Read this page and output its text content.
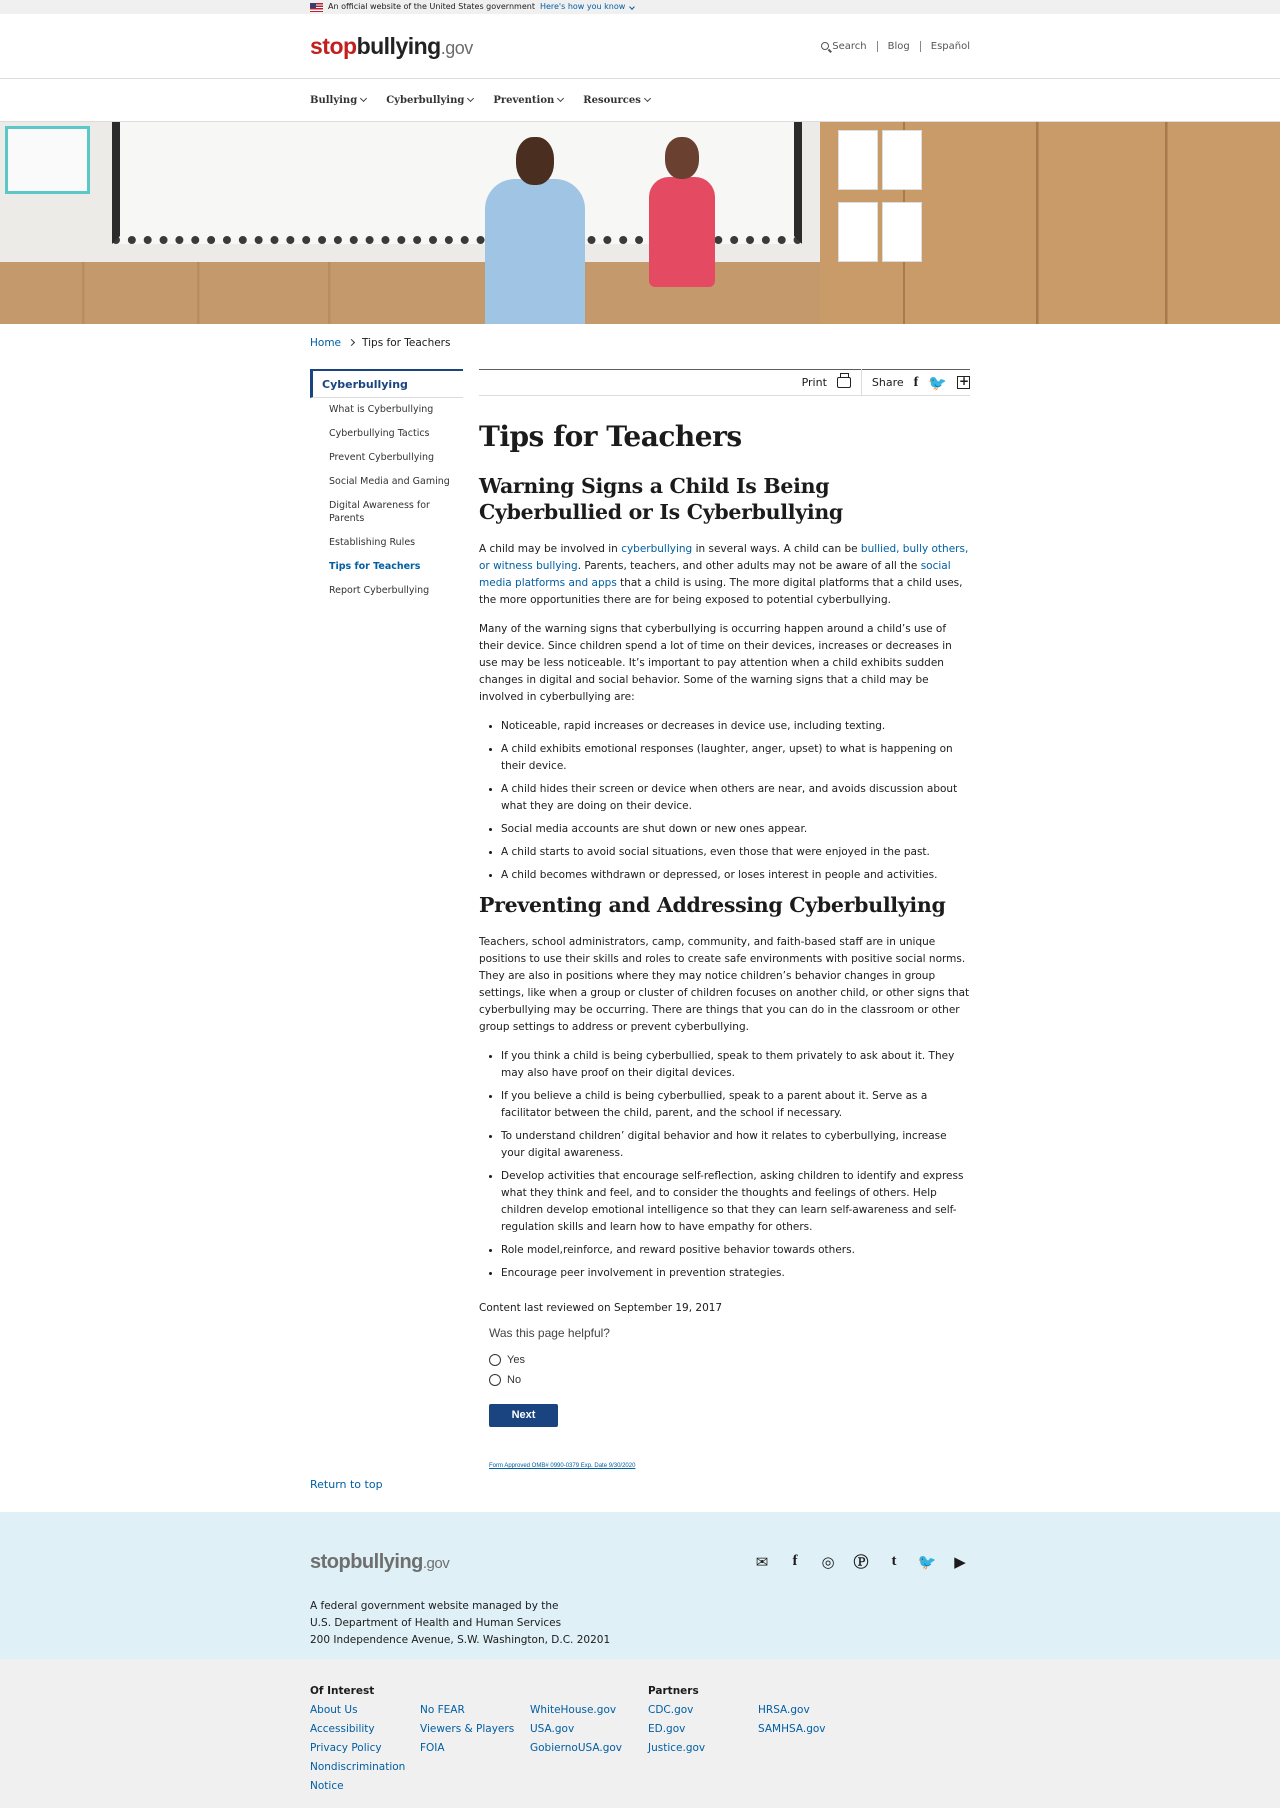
An official website of the United States government Here's how you know
stopbullying.gov	Search Blog Español
Bullying	Cyberbullying	Prevention	Resources
Home Tips for Teachers
Cyberbullying
What is Cyberbullying
Cyberbullying Tactics
Prevent Cyberbullying
Social Media and Gaming
Digital Awareness for Parents
Establishing Rules
Tips for Teachers
Report Cyberbullying
Print	Share f 🐦
+
Tips for Teachers
Warning Signs a Child Is Being Cyberbullied or Is Cyberbullying

A child may be involved in cyberbullying in several ways. A child can be bullied, bully others, or witness bullying. Parents, teachers, and other adults may not be aware of all the social media platforms and apps that a child is using. The more digital platforms that a child uses, the more opportunities there are for being exposed to potential cyberbullying.

Many of the warning signs that cyberbullying is occurring happen around a child’s use of their device. Since children spend a lot of time on their devices, increases or decreases in use may be less noticeable. It’s important to pay attention when a child exhibits sudden changes in digital and social behavior. Some of the warning signs that a child may be involved in cyberbullying are:

• Noticeable, rapid increases or decreases in device use, including texting.
• A child exhibits emotional responses (laughter, anger, upset) to what is happening on their device.
• A child hides their screen or device when others are near, and avoids discussion about what they are doing on their device.
• Social media accounts are shut down or new ones appear.
• A child starts to avoid social situations, even those that were enjoyed in the past.
• A child becomes withdrawn or depressed, or loses interest in people and activities.
Preventing and Addressing Cyberbullying

Teachers, school administrators, camp, community, and faith-based staff are in unique positions to use their skills and roles to create safe environments with positive social norms. They are also in positions where they may notice children’s behavior changes in group settings, like when a group or cluster of children focuses on another child, or other signs that cyberbullying may be occurring. There are things that you can do in the classroom or other group settings to address or prevent cyberbullying.

• If you think a child is being cyberbullied, speak to them privately to ask about it. They may also have proof on their digital devices.
• If you believe a child is being cyberbullied, speak to a parent about it. Serve as a facilitator between the child, parent, and the school if necessary.
• To understand children’ digital behavior and how it relates to cyberbullying, increase your digital awareness.
• Develop activities that encourage self-reflection, asking children to identify and express what they think and feel, and to consider the thoughts and feelings of others. Help children develop emotional intelligence so that they can learn self-awareness and self-regulation skills and learn how to have empathy for others.
• Role model,reinforce, and reward positive behavior towards others.
• Encourage peer involvement in prevention strategies.
Content last reviewed on September 19, 2017
Was this page helpful?
Yes
No
Next
Form Approved OMB# 0990-0379 Exp. Date 9/30/2020
Return to top
stopbullying.gov	✉	f	◎ Ⓟ	t	🐦 ▶
A federal government website managed by the
U.S. Department of Health and Human Services
200 Independence Avenue, S.W. Washington, D.C. 20201
Of Interest
About Us
Accessibility
Privacy Policy
Nondiscrimination
Notice
No FEAR
Viewers & Players
FOIA
WhiteHouse.gov
USA.gov
GobiernoUSA.gov
Partners
CDC.gov
ED.gov
Justice.gov
HRSA.gov
SAMHSA.gov
